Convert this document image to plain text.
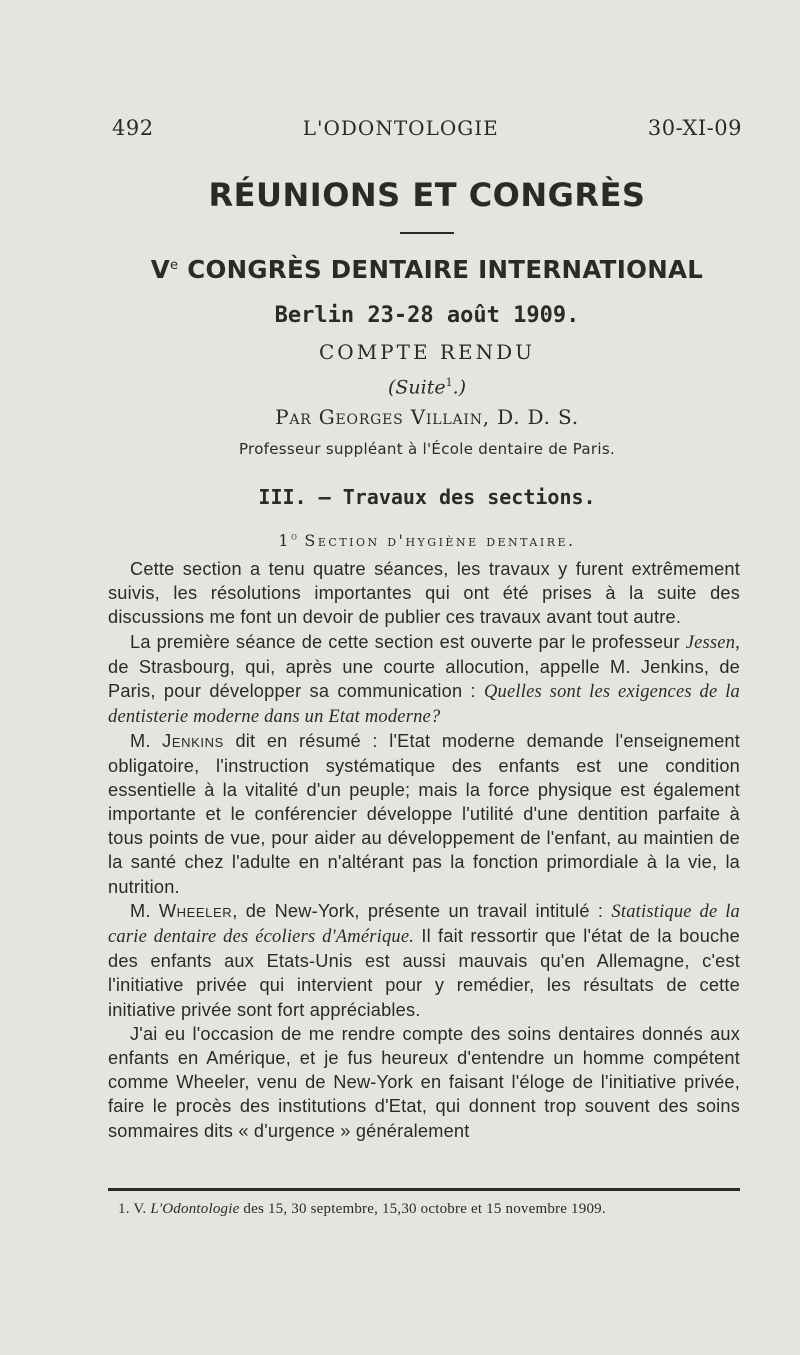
492	L'ODONTOLOGIE	30-XI-09
RÉUNIONS ET CONGRÈS
Ve CONGRÈS DENTAIRE INTERNATIONAL
Berlin 23-28 août 1909.
COMPTE RENDU
(Suite$^1$.)
Par Georges Villain, D. D. S.
Professeur suppléant à l'École dentaire de Paris.
III. — Travaux des sections.
1$^o$ Section d'hygiène dentaire.

Cette section a tenu quatre séances, les travaux y furent extrêmement suivis, les résolutions importantes qui ont été prises à la suite des discussions me font un devoir de publier ces travaux avant tout autre.

La première séance de cette section est ouverte par le professeur Jessen, de Strasbourg, qui, après une courte allocution, appelle M. Jenkins, de Paris, pour développer sa communication : Quelles sont les exigences de la dentisterie moderne dans un Etat moderne?

M. Jenkins dit en résumé : l'Etat moderne demande l'enseignement obligatoire, l'instruction systématique des enfants est une condition essentielle à la vitalité d'un peuple; mais la force physique est également importante et le conférencier développe l'utilité d'une dentition parfaite à tous points de vue, pour aider au développement de l'enfant, au maintien de la santé chez l'adulte en n'altérant pas la fonction primordiale à la vie, la nutrition.

M. Wheeler, de New-York, présente un travail intitulé : Statistique de la carie dentaire des écoliers d'Amérique. Il fait ressortir que l'état de la bouche des enfants aux Etats-Unis est aussi mauvais qu'en Allemagne, c'est l'initiative privée qui intervient pour y remédier, les résultats de cette initiative privée sont fort appréciables.

J'ai eu l'occasion de me rendre compte des soins dentaires donnés aux enfants en Amérique, et je fus heureux d'entendre un homme compétent comme Wheeler, venu de New-York en faisant l'éloge de l'initiative privée, faire le procès des institutions d'Etat, qui donnent trop souvent des soins sommaires dits « d'urgence » généralement

1. V. L'Odontologie des 15, 30 septembre, 15,30 octobre et 15 novembre 1909.
